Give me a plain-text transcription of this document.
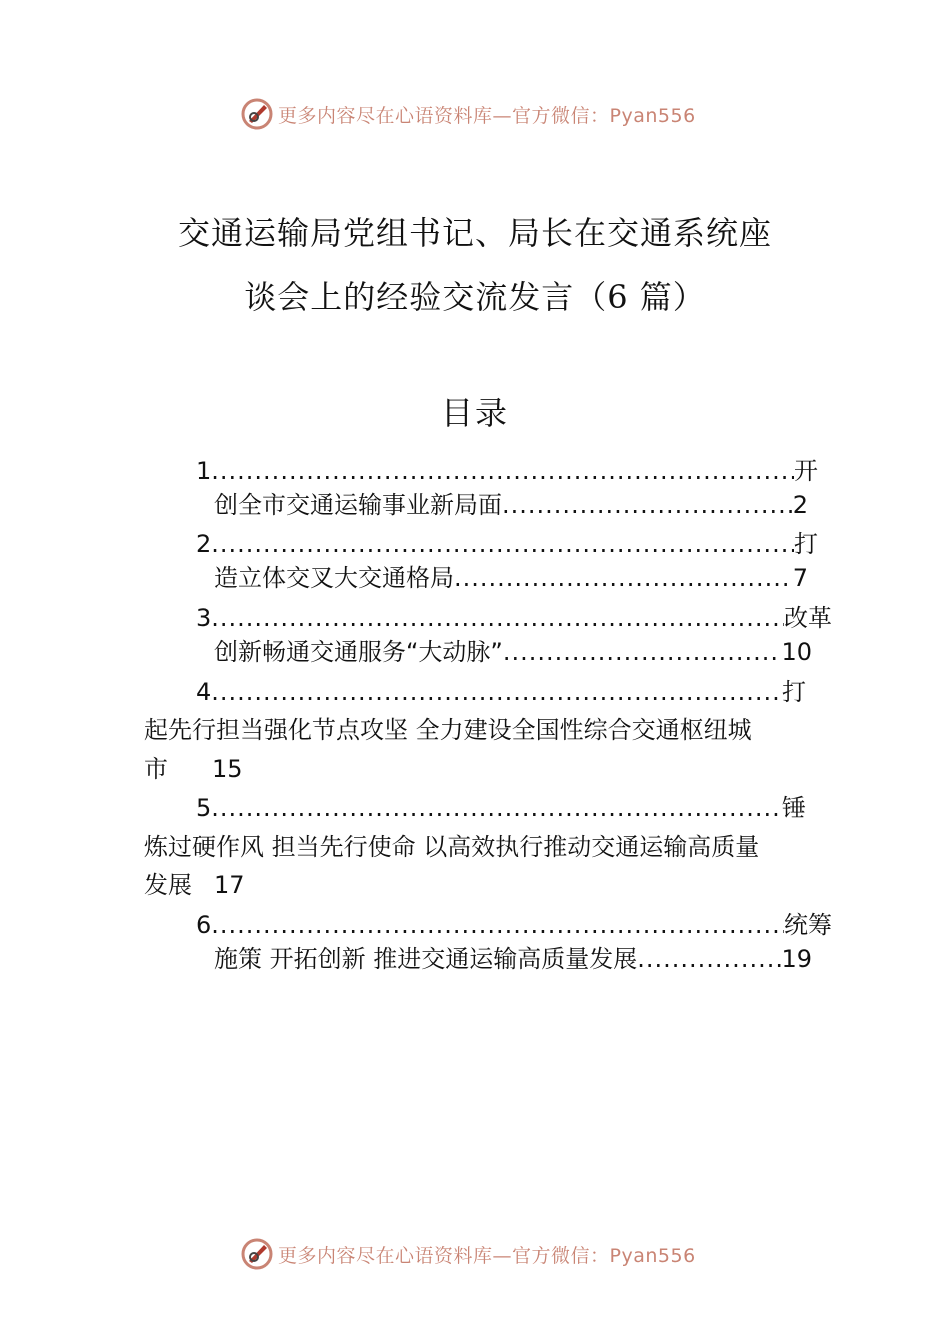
更多内容尽在心语资料库—官方微信：Pyan556
交通运输局党组书记、局长在交通系统座
谈会上的经验交流发言（6 篇）
目录
1 .....	开
创全市交通运输事业新局面 .....	2
2 .....	打
造立体交叉大交通格局 .....	7
3 .....	改革
创新畅通交通服务“大动脉” .....	10
4 .....	打
起先行担当强化节点攻坚 全力建设全国性综合交通枢纽城
市 15
5 .....	锤
炼过硬作风 担当先行使命 以高效执行推动交通运输高质量
发展 17
6 .....	统筹
施策 开拓创新 推进交通运输高质量发展 .....	19
更多内容尽在心语资料库—官方微信：Pyan556
